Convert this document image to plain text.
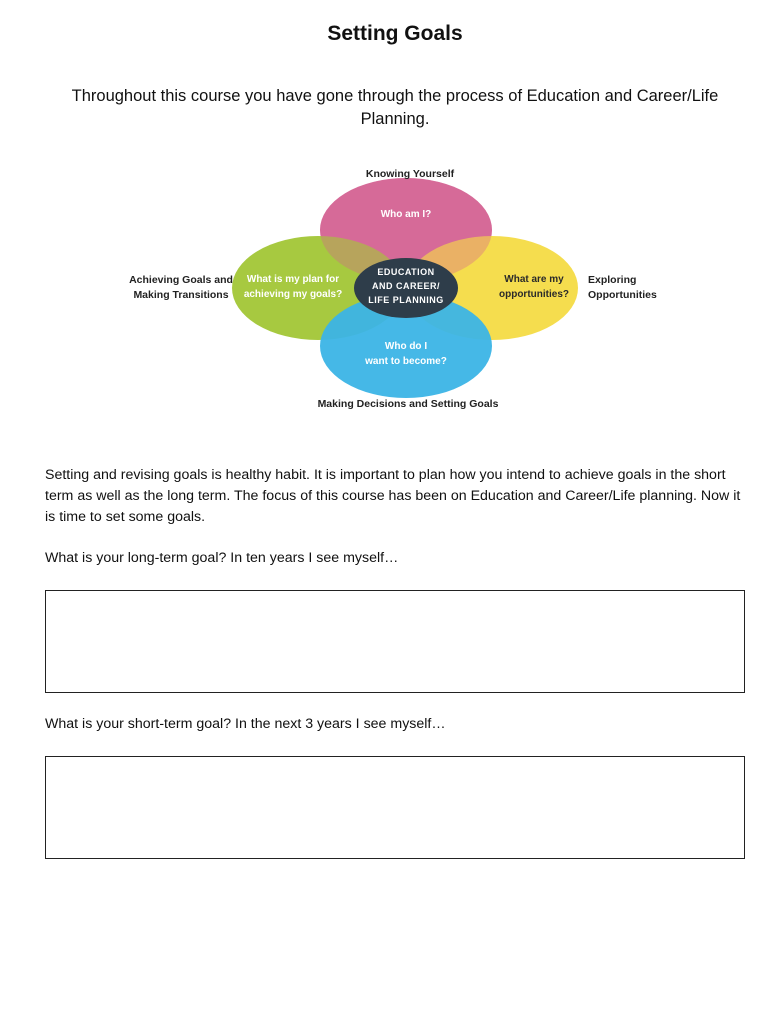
Setting Goals
Throughout this course you have gone through the process of Education and Career/Life Planning.
Knowing Yourself
Achieving Goals and
Making Transitions
Exploring
Opportunities
Making Decisions and Setting Goals
Who am I?
What is my plan for
achieving my goals?
What are my
opportunities?
Who do I
want to become?
EDUCATION
AND CAREER/
LIFE PLANNING
Setting and revising goals is healthy habit. It is important to plan how you intend to achieve goals in the short term as well as the long term. The focus of this course has been on Education and Career/Life planning. Now it is time to set some goals.
What is your long-term goal? In ten years I see myself…
What is your short-term goal? In the next 3 years I see myself…
